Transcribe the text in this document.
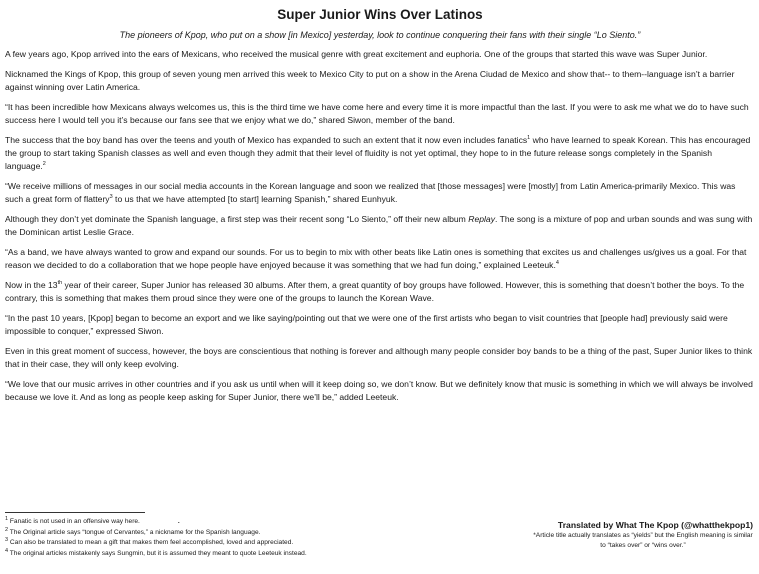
Super Junior Wins Over Latinos
The pioneers of Kpop, who put on a show [in Mexico] yesterday, look to continue conquering their fans with their single “Lo Siento.”

A few years ago, Kpop arrived into the ears of Mexicans, who received the musical genre with great excitement and euphoria. One of the groups that started this wave was Super Junior.

Nicknamed the Kings of Kpop, this group of seven young men arrived this week to Mexico City to put on a show in the Arena Ciudad de Mexico and show that-- to them--language isn’t a barrier against winning over Latin America.

“It has been incredible how Mexicans always welcomes us, this is the third time we have come here and every time it is more impactful than the last. If you were to ask me what we do to have such success here I would tell you it’s because our fans see that we enjoy what we do,” shared Siwon, member of the band.

The success that the boy band has over the teens and youth of Mexico has expanded to such an extent that it now even includes fanatics$^1$ who have learned to speak Korean. This has encouraged the group to start taking Spanish classes as well and even though they admit that their level of fluidity is not yet optimal, they hope to in the future release songs completely in the Spanish language.$^2$

“We receive millions of messages in our social media accounts in the Korean language and soon we realized that [those messages] were [mostly] from Latin America-primarily Mexico. This was such a great form of flattery$^3$ to us that we have attempted [to start] learning Spanish,” shared Eunhyuk.

Although they don’t yet dominate the Spanish language, a first step was their recent song “Lo Siento,” off their new album Replay. The song is a mixture of pop and urban sounds and was sung with the Dominican artist Leslie Grace.

“As a band, we have always wanted to grow and expand our sounds. For us to begin to mix with other beats like Latin ones is something that excites us and challenges us/gives us a goal. For that reason we decided to do a collaboration that we hope people have enjoyed because it was something that we had fun doing,” explained Leeteuk.$^4$

Now in the 13th year of their career, Super Junior has released 30 albums. After them, a great quantity of boy groups have followed. However, this is something that doesn’t bother the boys. To the contrary, this is something that makes them proud since they were one of the groups to launch the Korean Wave.

“In the past 10 years, [Kpop] began to become an export and we like saying/pointing out that we were one of the first artists who began to visit countries that [people had] previously said were impossible to conquer,” expressed Siwon.

Even in this great moment of success, however, the boys are conscientious that nothing is forever and although many people consider boy bands to be a thing of the past, Super Junior likes to think that in their case, they will only keep evolving.

“We love that our music arrives in other countries and if you ask us until when will it keep doing so, we don’t know. But we definitely know that music is something in which we will always be involved because we love it. And as long as people keep asking for Super Junior, there we’ll be,” added Leeteuk.

$^1$ Fanatic is not used in an offensive way here.	.
$^2$ The Original article says “tongue of Cervantes,” a nickname for the Spanish language.
$^3$ Can also be translated to mean a gift that makes them feel accomplished, loved and appreciated.
$^4$ The original articles mistakenly says Sungmin, but it is assumed they meant to quote Leeteuk instead.
Translated by What The Kpop (@whatthekpop1)
*Article title actually translates as “yields” but the English meaning is similar to “takes over” or “wins over.”
